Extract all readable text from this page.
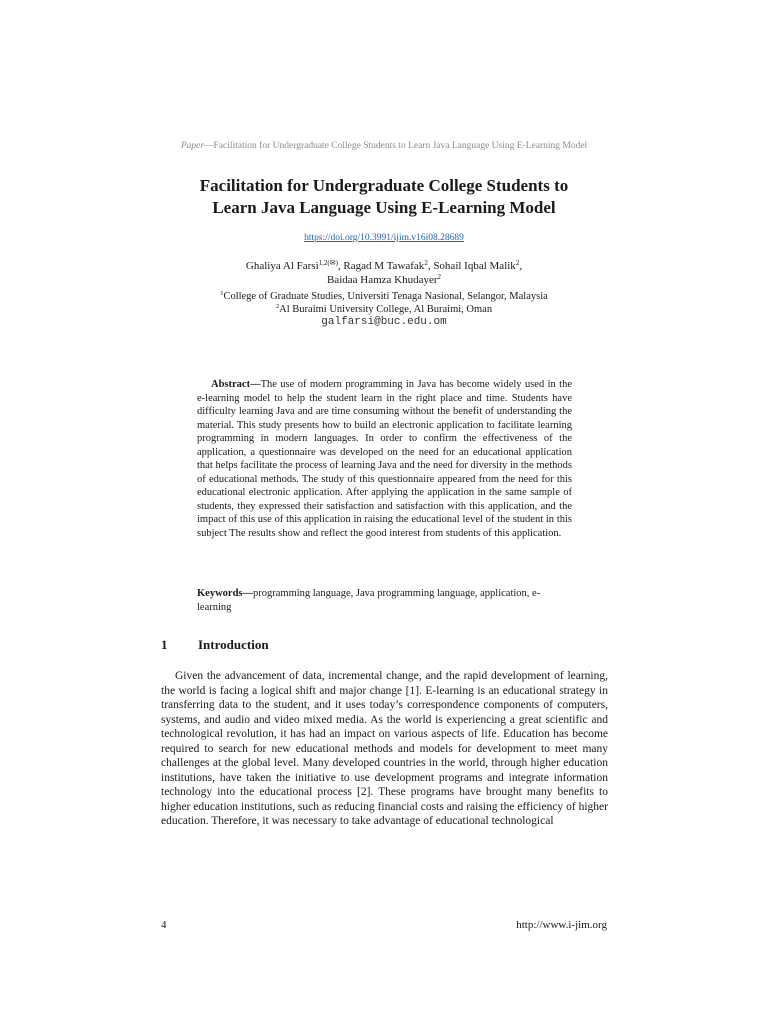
Paper—Facilitation for Undergraduate College Students to Learn Java Language Using E-Learning Model
Facilitation for Undergraduate College Students to
Learn Java Language Using E-Learning Model
https://doi.org/10.3991/ijim.v16i08.28689
Ghaliya Al Farsi$^{1,2(✉)}$, Ragad M Tawafak$^2$, Sohail Iqbal Malik$^2$,
Baidaa Hamza Khudayer$^2$
$^1$College of Graduate Studies, Universiti Tenaga Nasional, Selangor, Malaysia
$^2$Al Buraimi University College, Al Buraimi, Oman
galfarsi@buc.edu.om

Abstract—The use of modern programming in Java has become widely used in the e-learning model to help the student learn in the right place and time. Students have difficulty learning Java and are time consuming without the benefit of understanding the material. This study presents how to build an electronic application to facilitate learning programming in modern languages. In order to confirm the effectiveness of the application, a questionnaire was developed on the need for an educational application that helps facilitate the process of learning Java and the need for diversity in the methods of educational methods. The study of this questionnaire appeared from the need for this educational electronic application. After applying the application in the same sample of students, they expressed their satisfaction and satisfaction with this application, and the impact of this use of this application in raising the educational level of the student in this subject The results show and reflect the good interest from students of this application.

Keywords—programming language, Java programming language, application, e-learning
1 Introduction

Given the advancement of data, incremental change, and the rapid development of learning, the world is facing a logical shift and major change [1]. E-learning is an educational strategy in transferring data to the student, and it uses today’s correspondence components of computers, systems, and audio and video mixed media. As the world is experiencing a great scientific and technological revolution, it has had an impact on various aspects of life. Education has become required to search for new educational methods and models for development to meet many challenges at the global level. Many developed countries in the world, through higher education institutions, have taken the initiative to use development programs and integrate information technology into the educational process [2]. These programs have brought many benefits to higher education institutions, such as reducing financial costs and raising the efficiency of higher education. Therefore, it was necessary to take advantage of educational technological

4	http://www.i-jim.org
